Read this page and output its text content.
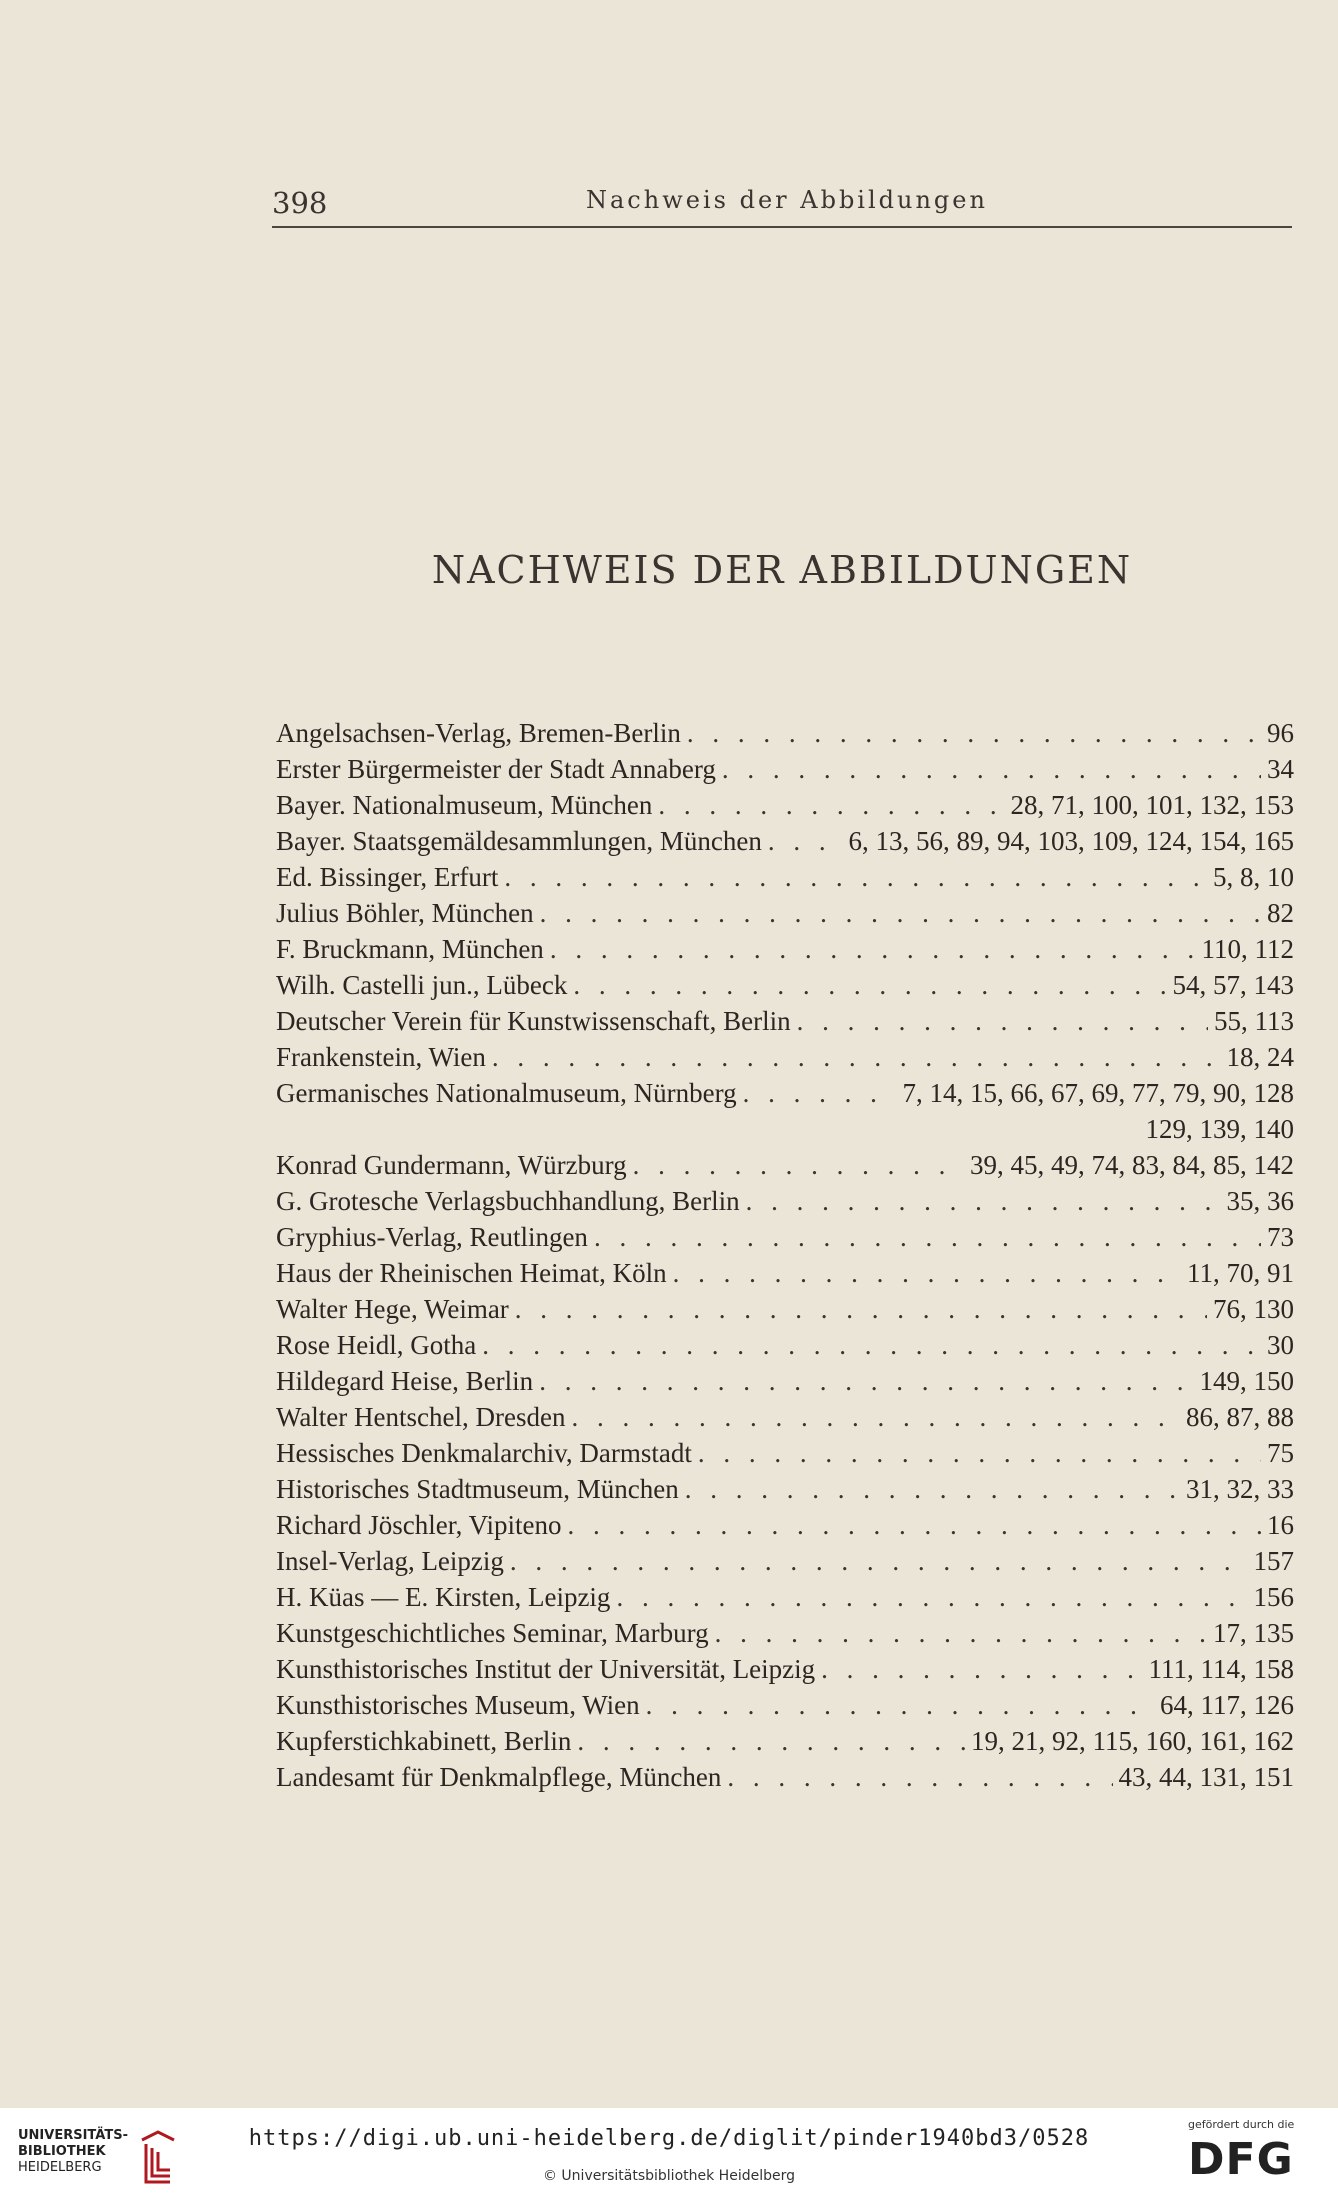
398	Nachweis der Abbildungen
NACHWEIS DER ABBILDUNGEN
Angelsachsen-Verlag, Bremen-Berlin . . .	96
Erster Bürgermeister der Stadt Annaberg . . .	34
Bayer. Nationalmuseum, München . . .	28, 71, 100, 101, 132, 153
Bayer. Staatsgemäldesammlungen, München . . .	6, 13, 56, 89, 94, 103, 109, 124, 154, 165
Ed. Bissinger, Erfurt . . .	5, 8, 10
Julius Böhler, München . . .	82
F. Bruckmann, München . . .	110, 112
Wilh. Castelli jun., Lübeck . . .	54, 57, 143
Deutscher Verein für Kunstwissenschaft, Berlin . . .	55, 113
Frankenstein, Wien . . .	18, 24
Germanisches Nationalmuseum, Nürnberg . . .	7, 14, 15, 66, 67, 69, 77, 79, 90, 128
129, 139, 140
Konrad Gundermann, Würzburg . . .	39, 45, 49, 74, 83, 84, 85, 142
G. Grotesche Verlagsbuchhandlung, Berlin . . .	35, 36
Gryphius-Verlag, Reutlingen . . .	73
Haus der Rheinischen Heimat, Köln . . .	11, 70, 91
Walter Hege, Weimar . . .	76, 130
Rose Heidl, Gotha . . .	30
Hildegard Heise, Berlin . . .	149, 150
Walter Hentschel, Dresden . . .	86, 87, 88
Hessisches Denkmalarchiv, Darmstadt . . .	75
Historisches Stadtmuseum, München . . .	31, 32, 33
Richard Jöschler, Vipiteno . . .	16
Insel-Verlag, Leipzig . . .	157
H. Küas — E. Kirsten, Leipzig . . .	156
Kunstgeschichtliches Seminar, Marburg . . .	17, 135
Kunsthistorisches Institut der Universität, Leipzig . . .	111, 114, 158
Kunsthistorisches Museum, Wien . . .	64, 117, 126
Kupferstichkabinett, Berlin . . .	19, 21, 92, 115, 160, 161, 162
Landesamt für Denkmalpflege, München . . .	43, 44, 131, 151
UNIVERSITÄTS-
BIBLIOTHEK
HEIDELBERG
https://digi.ub.uni-heidelberg.de/diglit/pinder1940bd3/0528
© Universitätsbibliothek Heidelberg
gefördert durch die
DFG
